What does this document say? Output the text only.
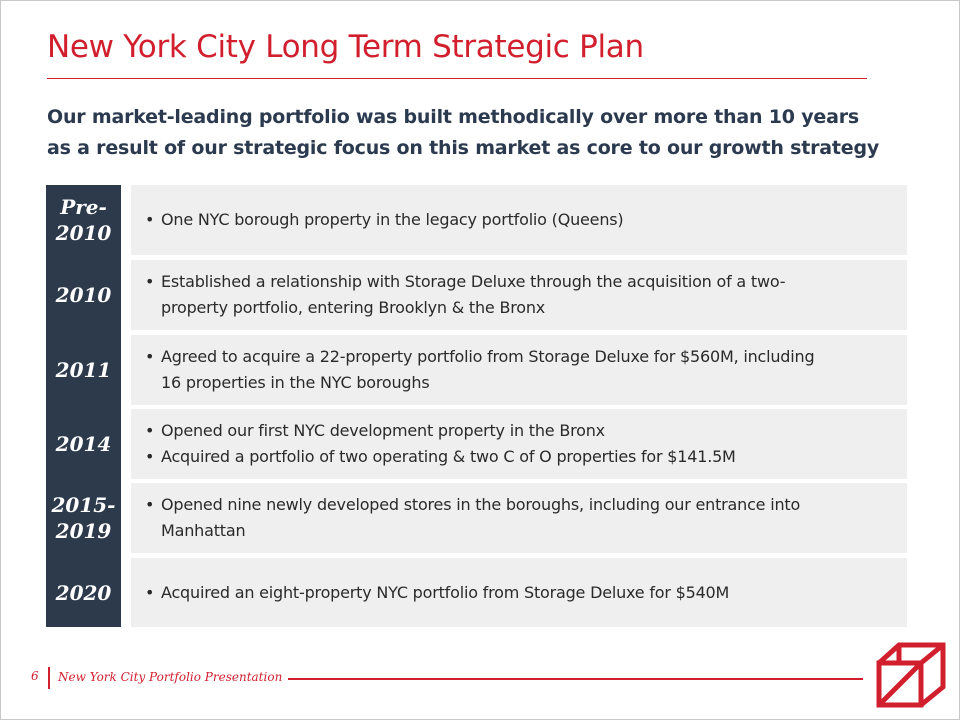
New York City Long Term Strategic Plan
Our market-leading portfolio was built methodically over more than 10 years
as a result of our strategic focus on this market as core to our growth strategy
Pre-
2010
• One NYC borough property in the legacy portfolio (Queens)
2010
• Established a relationship with Storage Deluxe through the acquisition of a two-
property portfolio, entering Brooklyn & the Bronx
2011
• Agreed to acquire a 22-property portfolio from Storage Deluxe for $560M, including
16 properties in the NYC boroughs
2014
• Opened our first NYC development property in the Bronx
• Acquired a portfolio of two operating & two C of O properties for $141.5M
2015-
2019
• Opened nine newly developed stores in the boroughs, including our entrance into
Manhattan
2020 • Acquired an eight-property NYC portfolio from Storage Deluxe for $540M
6 New York City Portfolio Presentation
